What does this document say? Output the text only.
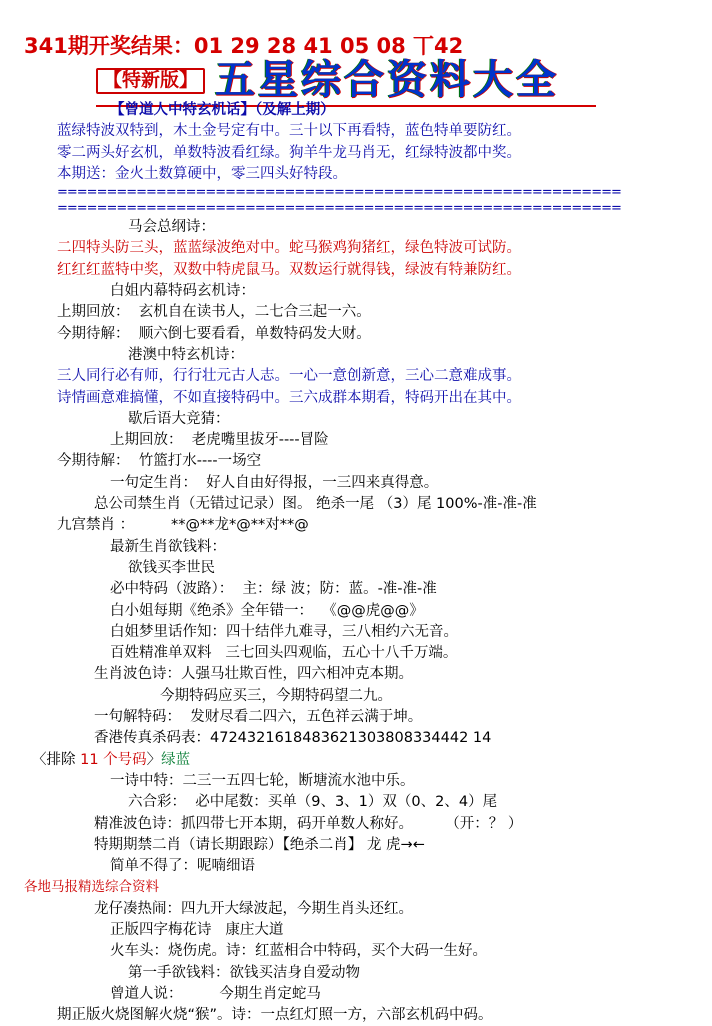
341期开奖结果：01 29 28 41 05 08 丅42
【特新版】 五星综合资料大全
【曾道人中特玄机话】（及解上期）
蓝绿特波双特到，木土金号定有中。三十以下再看特，蓝色特单要防红。
零二两头好玄机，单数特波看红绿。狗羊牛龙马肖无，红绿特波都中奖。
本期送：金火土数算硬中，零三四头好特段。
=========================================================
=========================================================
马会总纲诗：
二四特头防三头，蓝蓝绿波绝对中。蛇马猴鸡狗猪红，绿色特波可试防。
红红红蓝特中奖，双数中特虎鼠马。双数运行就得钱，绿波有特兼防红。
白姐内幕特码玄机诗：
上期回放：  玄机自在读书人，二七合三起一六。
今期待解：  顺六倒七要看看，单数特码发大财。
港澳中特玄机诗：
三人同行必有师，行行壮元古人志。一心一意创新意，三心二意难成事。
诗情画意难搞懂，不如直接特码中。三六成群本期看，特码开出在其中。
歇后语大竞猜：
上期回放：  老虎嘴里拔牙----冒险
今期待解：  竹篮打水----一场空
一句定生肖：  好人自由好得报，一三四来真得意。
总公司禁生肖（无错过记录）图。 绝杀一尾 （3）尾 100%-准-准-准
九宫禁肖 ：        **@**龙*@**对**@
最新生肖欲钱料：
欲钱买李世民
必中特码（波路）：  主：绿 波；防：蓝。-准-准-准
白小姐每期《绝杀》全年错一：  《@@虎@@》
白姐梦里话作知：四十结伴九难寻，三八相约六无音。
百姓精准单双料   三七回头四观临，五心十八千万端。
生肖波色诗：人强马壮欺百性，四六相冲克本期。
今期特码应买三，今期特码望二九。
一句解特码：  发财尽看二四六，五色祥云满于坤。
香港传真杀码表：4724321618483621303808334442 14
〈排除 11 个号码〉绿蓝
一诗中特：二三一五四七轮，断塘流水池中乐。
六合彩：  必中尾数：买单（9、3、1）双（0、2、4）尾
精准波色诗：抓四带七开本期，码开单数人称好。       （开：？ ）
特期期禁二肖（请长期跟踪）【绝杀二肖】 龙 虎→←
简单不得了：呢喃细语
各地马报精选综合资料
龙仔凑热闹：四九开大绿波起，今期生肖头还红。
正版四字梅花诗   康庄大道
火车头：烧伤虎。诗：红蓝相合中特码，买个大码一生好。
第一手欲钱料：欲钱买洁身自爱动物
曾道人说：        今期生肖定蛇马
期正版火烧图解火烧“猴”。诗：一点红灯照一方，六部玄机码中码。
